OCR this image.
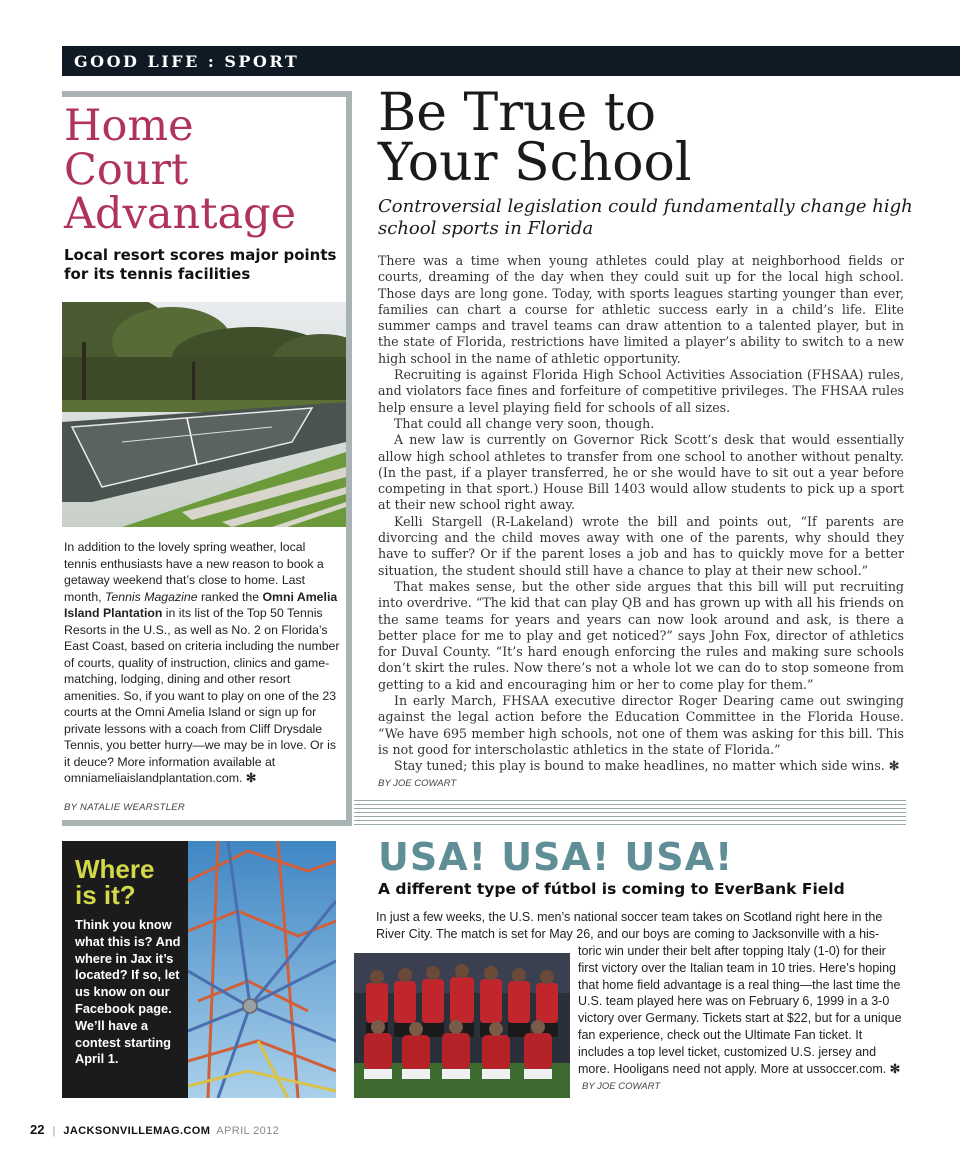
GOOD LIFE : SPORT
Home
Court
Advantage
Local resort scores major points for its tennis facilities
In addition to the lovely spring weather, local tennis enthusiasts have a new reason to book a getaway weekend that’s close to home. Last month, Tennis Magazine ranked the Omni Amelia Island Plantation in its list of the Top 50 Tennis Resorts in the U.S., as well as No. 2 on Florida’s East Coast, based on criteria including the number of courts, quality of instruction, clinics and game-matching, lodging, dining and other resort amenities. So, if you want to play on one of the 23 courts at the Omni Amelia Island or sign up for private lessons with a coach from Cliff Drysdale Tennis, you better hurry—we may be in love. Or is it deuce? More information available at omniameliaislandplantation.com. ✻
BY NATALIE WEARSTLER
Be True to
Your School
Controversial legislation could fundamentally change high school sports in Florida

There was a time when young athletes could play at neighborhood fields or courts, dreaming of the day when they could suit up for the local high school. Those days are long gone. Today, with sports leagues starting younger than ever, families can chart a course for athletic success early in a child’s life. Elite summer camps and travel teams can draw attention to a talented player, but in the state of Florida, restrictions have limited a player’s ability to switch to a new high school in the name of athletic opportunity.

Recruiting is against Florida High School Activities Association (FHSAA) rules, and violators face fines and forfeiture of competitive privileges. The FHSAA rules help ensure a level playing field for schools of all sizes.

That could all change very soon, though.

A new law is currently on Governor Rick Scott’s desk that would essentially allow high school athletes to transfer from one school to another without penalty. (In the past, if a player transferred, he or she would have to sit out a year before competing in that sport.) House Bill 1403 would allow students to pick up a sport at their new school right away.

Kelli Stargell (R-Lakeland) wrote the bill and points out, “If parents are divorcing and the child moves away with one of the parents, why should they have to suffer? Or if the parent loses a job and has to quickly move for a better situation, the student should still have a chance to play at their new school.”

That makes sense, but the other side argues that this bill will put recruiting into overdrive. “The kid that can play QB and has grown up with all his friends on the same teams for years and years can now look around and ask, is there a better place for me to play and get noticed?” says John Fox, director of athletics for Duval County. “It’s hard enough enforcing the rules and making sure schools don’t skirt the rules. Now there’s not a whole lot we can do to stop someone from getting to a kid and encouraging him or her to come play for them.”

In early March, FHSAA executive director Roger Dearing came out swinging against the legal action before the Education Committee in the Florida House. “We have 695 member high schools, not one of them was asking for this bill. This is not good for interscholastic athletics in the state of Florida.”

Stay tuned; this play is bound to make headlines, no matter which side wins. ✻

BY JOE COWART
Where
is it?
Think you know what this is? And where in Jax it’s located? If so, let us know on our Facebook page. We’ll have a contest starting April 1.
USA! USA! USA!
A different type of fútbol is coming to EverBank Field
In just a few weeks, the U.S. men’s national soccer team takes on Scotland right here in the River City. The match is set for May 26, and our boys are coming to Jacksonville with a his-
toric win under their belt after topping Italy (1-0) for their first victory over the Italian team in 10 tries. Here’s hoping that home field advantage is a real thing—the last time the U.S. team played here was on February 6, 1999 in a 3-0 victory over Germany. Tickets start at $22, but for a unique fan experience, check out the Ultimate Fan ticket. It includes a top level ticket, customized U.S. jersey and more. Hooligans need not apply. More at ussoccer.com. ✻ BY JOE COWART
22 | JACKSONVILLEMAG.COM APRIL 2012
